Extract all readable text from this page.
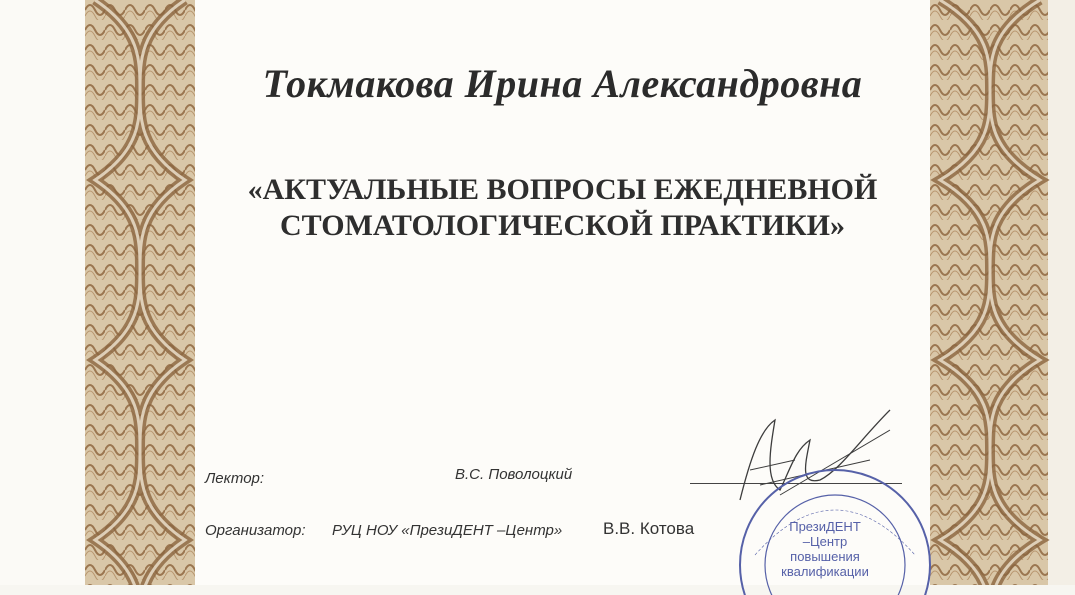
Токмакова Ирина Александровна
«АКТУАЛЬНЫЕ ВОПРОСЫ ЕЖЕДНЕВНОЙ
СТОМАТОЛОГИЧЕСКОЙ ПРАКТИКИ»
Лектор:	В.С. Поволоцкий
Организатор: РУЦ НОУ «ПрезиДЕНТ –Центр» В.В. Котова	ПрезиДЕНТ
–Центр
повышения
квалификации
